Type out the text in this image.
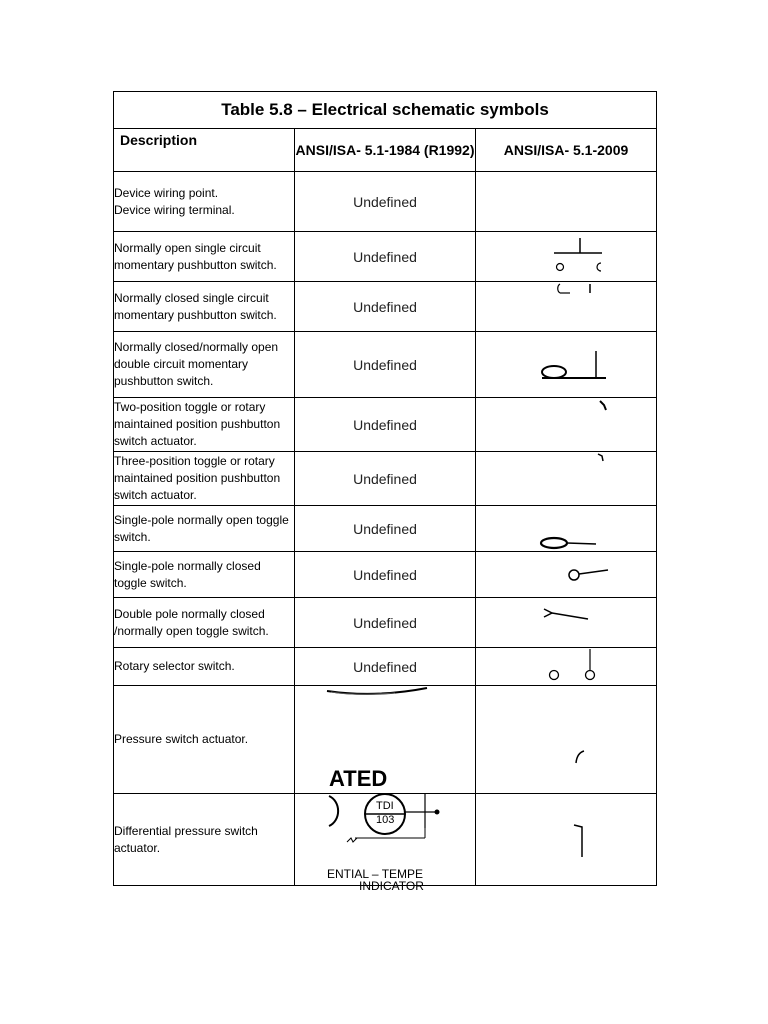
Table 5.8 – Electrical schematic symbols		
Description	ANSI/ISA- 5.1-1984 (R1992)	ANSI/ISA- 5.1-2009
Device wiring point.
Device wiring terminal.	Undefined	
Normally open single circuit momentary pushbutton switch.	Undefined	

Normally closed single circuit momentary pushbutton switch.	Undefined	

Normally closed/normally open double circuit momentary pushbutton switch.	Undefined	

Two-position toggle or rotary maintained position pushbutton switch actuator.	Undefined	

Three-position toggle or rotary maintained position pushbutton switch actuator.	Undefined	

Single-pole normally open toggle switch.	Undefined	

Single-pole normally closed toggle switch.	Undefined	

Double pole normally closed /normally open toggle switch.	Undefined	

Rotary selector switch.	Undefined	

Pressure switch actuator.	ATED

Differential pressure switch actuator.	TDI
103
ENTIAL – TEMPE
INDICATOR
